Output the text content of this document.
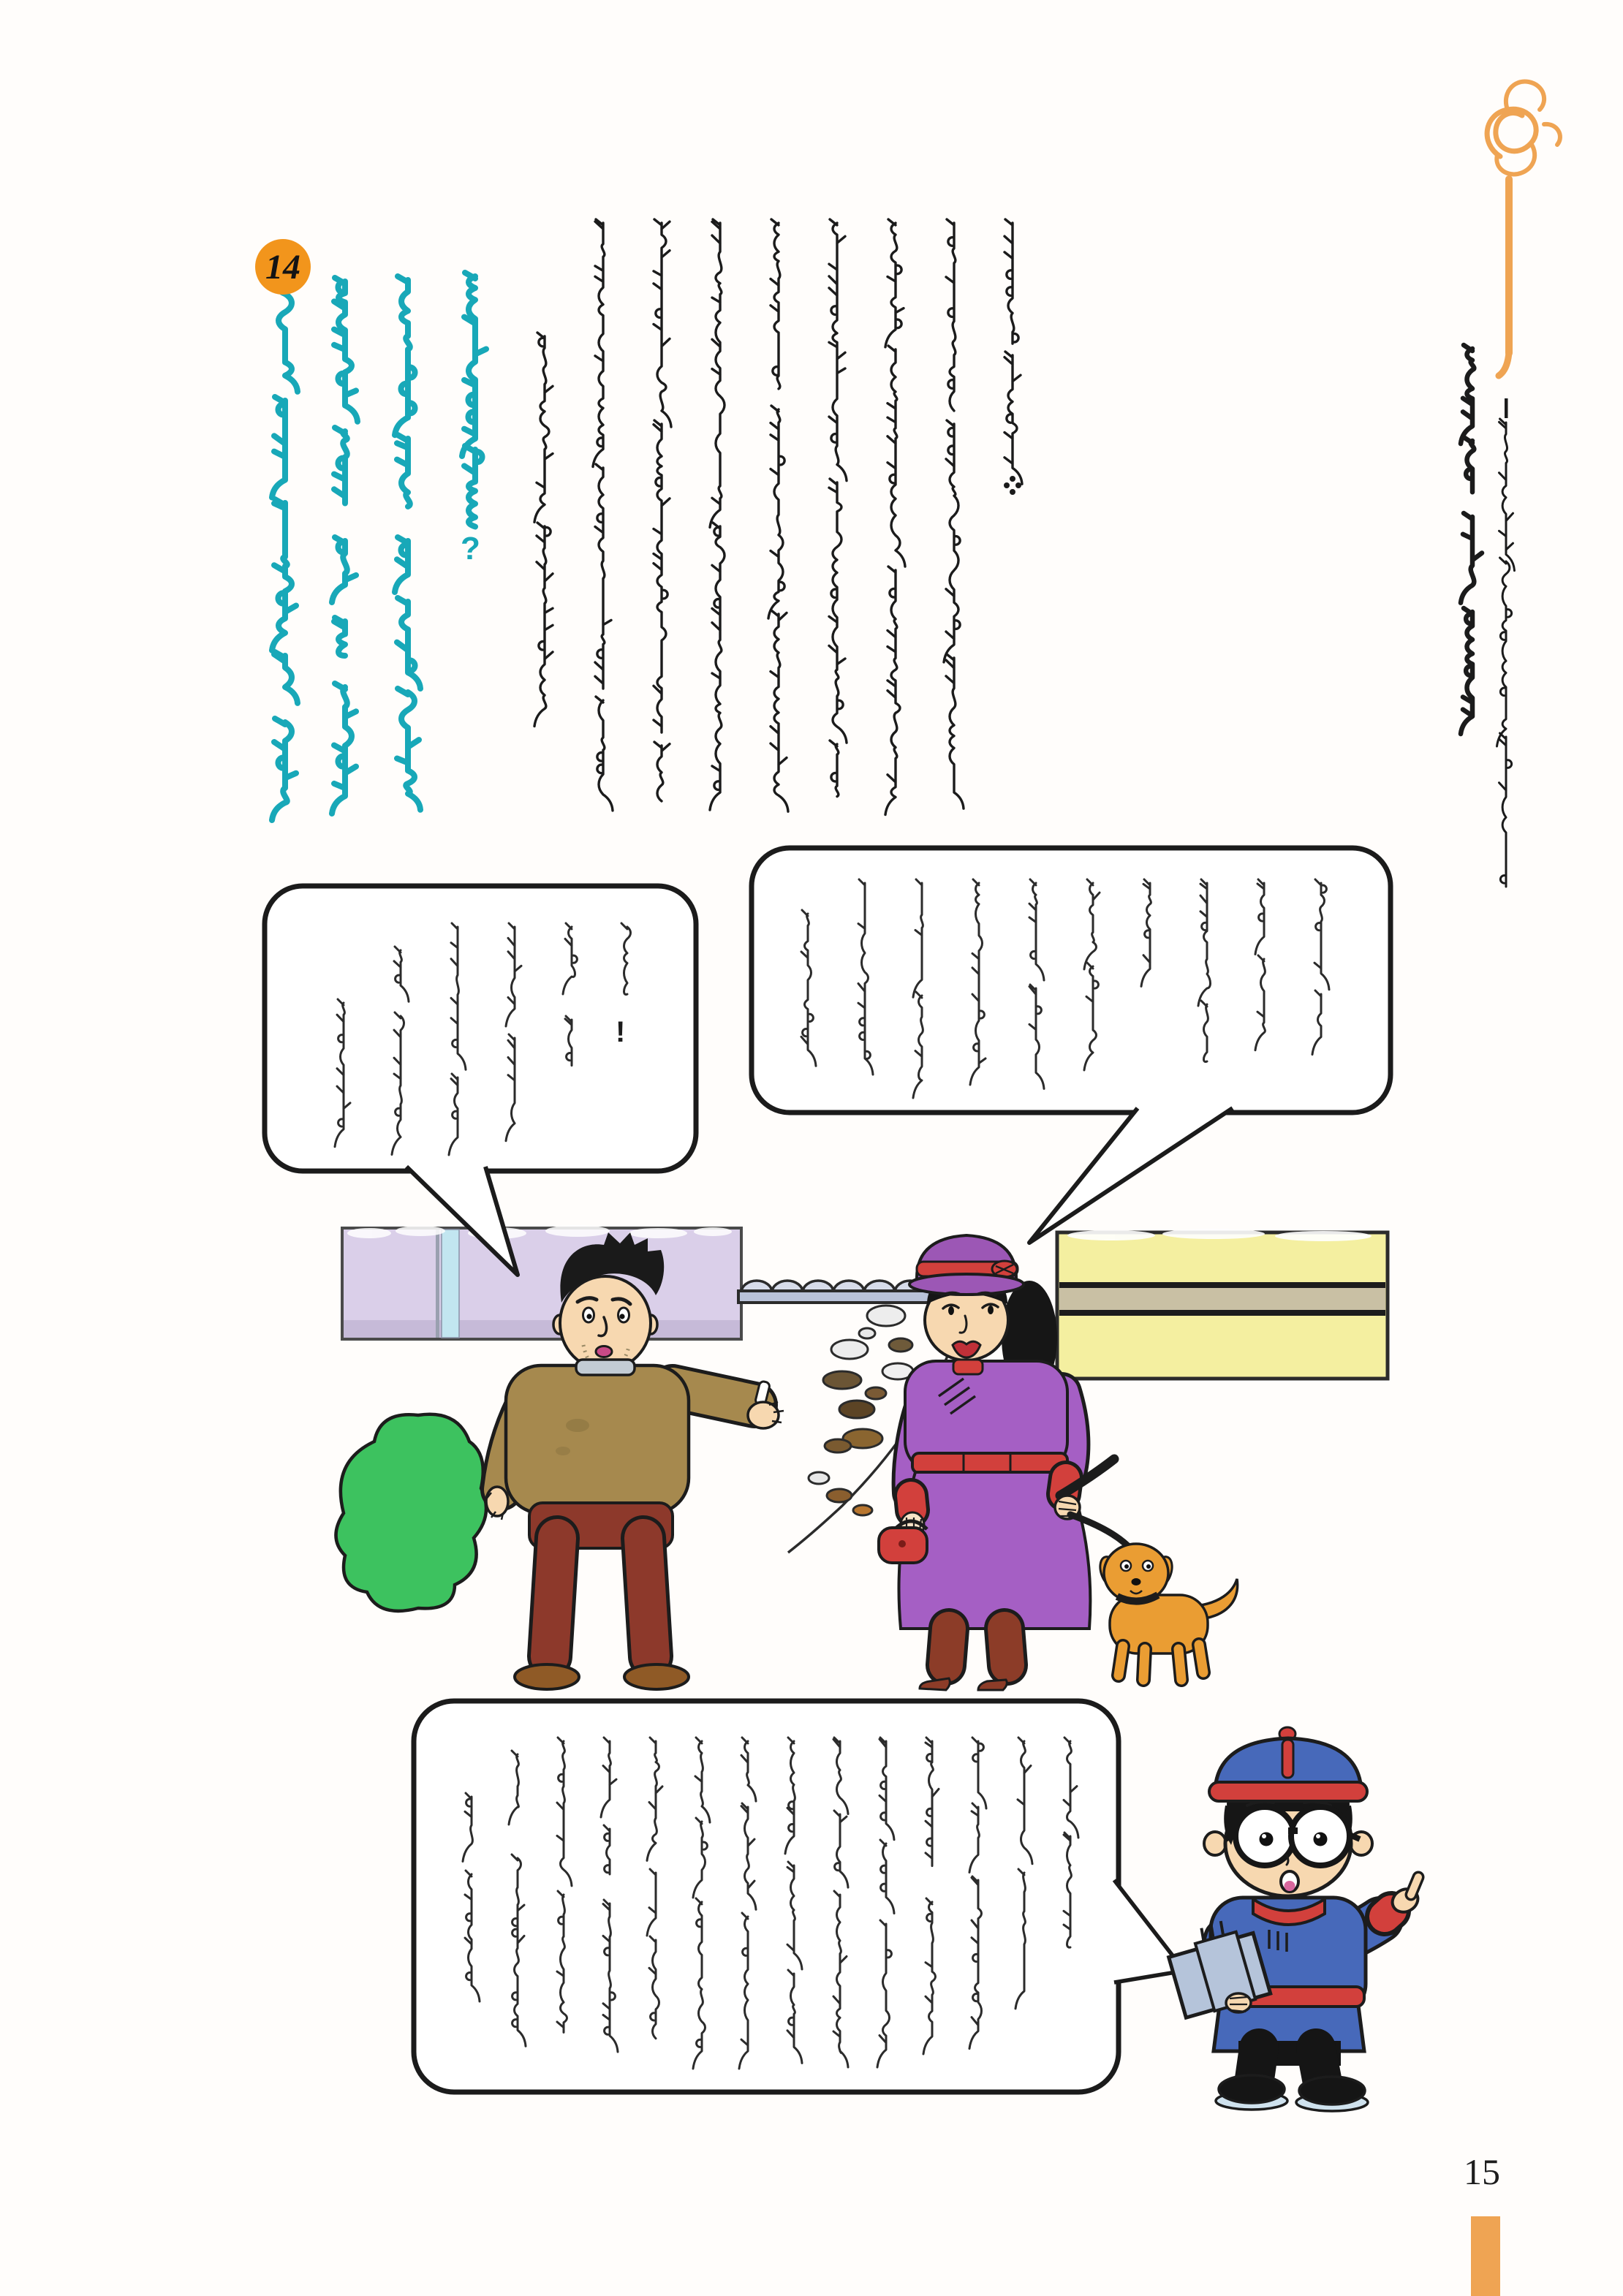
14
?
!
15
